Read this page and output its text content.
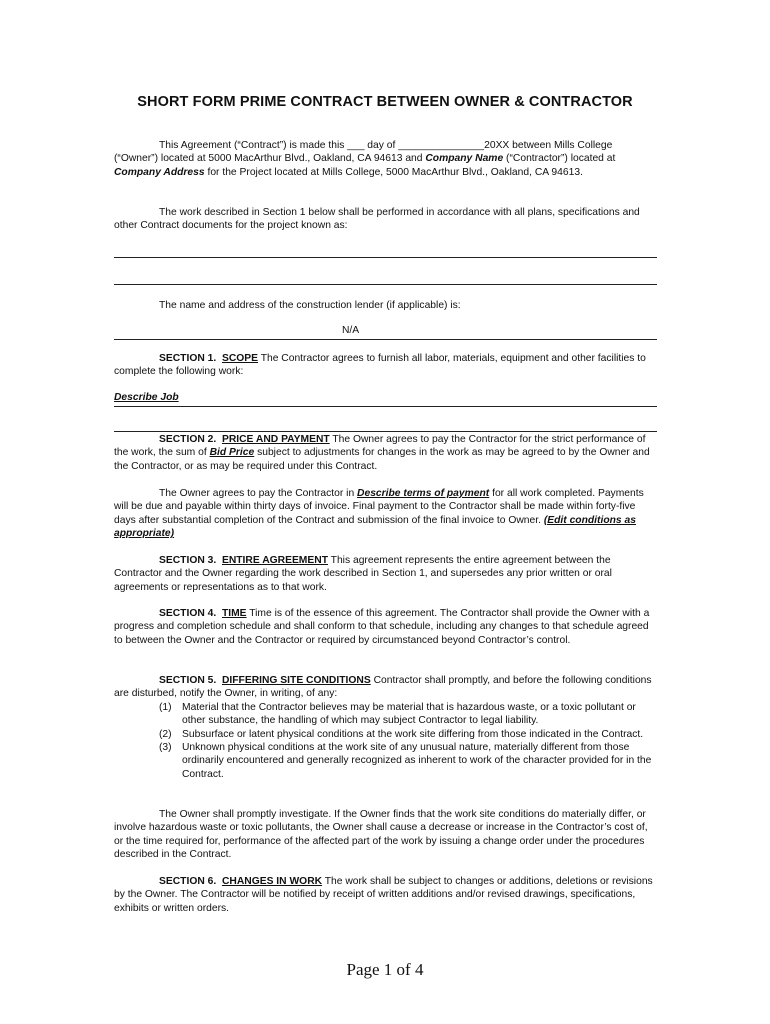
SHORT FORM PRIME CONTRACT BETWEEN OWNER & CONTRACTOR
This Agreement (“Contract”) is made this ___ day of _______________20XX between Mills College (“Owner”) located at 5000 MacArthur Blvd., Oakland, CA 94613 and Company Name (“Contractor”) located at Company Address for the Project located at Mills College, 5000 MacArthur Blvd., Oakland, CA 94613.
The work described in Section 1 below shall be performed in accordance with all plans, specifications and other Contract documents for the project known as:
The name and address of the construction lender (if applicable) is:
N/A
SECTION 1. SCOPE The Contractor agrees to furnish all labor, materials, equipment and other facilities to complete the following work:
Describe Job
SECTION 2. PRICE AND PAYMENT The Owner agrees to pay the Contractor for the strict performance of the work, the sum of Bid Price subject to adjustments for changes in the work as may be agreed to by the Owner and the Contractor, or as may be required under this Contract.
The Owner agrees to pay the Contractor in Describe terms of payment for all work completed. Payments will be due and payable within thirty days of invoice. Final payment to the Contractor shall be made within forty-five days after substantial completion of the Contract and submission of the final invoice to Owner. (Edit conditions as appropriate)
SECTION 3. ENTIRE AGREEMENT This agreement represents the entire agreement between the Contractor and the Owner regarding the work described in Section 1, and supersedes any prior written or oral agreements or representations as to that work.
SECTION 4. TIME Time is of the essence of this agreement. The Contractor shall provide the Owner with a progress and completion schedule and shall conform to that schedule, including any changes to that schedule agreed to between the Owner and the Contractor or required by circumstanced beyond Contractor’s control.
SECTION 5. DIFFERING SITE CONDITIONS Contractor shall promptly, and before the following conditions are disturbed, notify the Owner, in writing, of any:
(1) Material that the Contractor believes may be material that is hazardous waste, or a toxic pollutant or other substance, the handling of which may subject Contractor to legal liability.
(2) Subsurface or latent physical conditions at the work site differing from those indicated in the Contract.
(3) Unknown physical conditions at the work site of any unusual nature, materially different from those ordinarily encountered and generally recognized as inherent to work of the character provided for in the Contract.
The Owner shall promptly investigate. If the Owner finds that the work site conditions do materially differ, or involve hazardous waste or toxic pollutants, the Owner shall cause a decrease or increase in the Contractor’s cost of, or the time required for, performance of the affected part of the work by issuing a change order under the procedures described in the Contract.
SECTION 6. CHANGES IN WORK The work shall be subject to changes or additions, deletions or revisions by the Owner. The Contractor will be notified by receipt of written additions and/or revised drawings, specifications, exhibits or written orders.
Page 1 of 4
